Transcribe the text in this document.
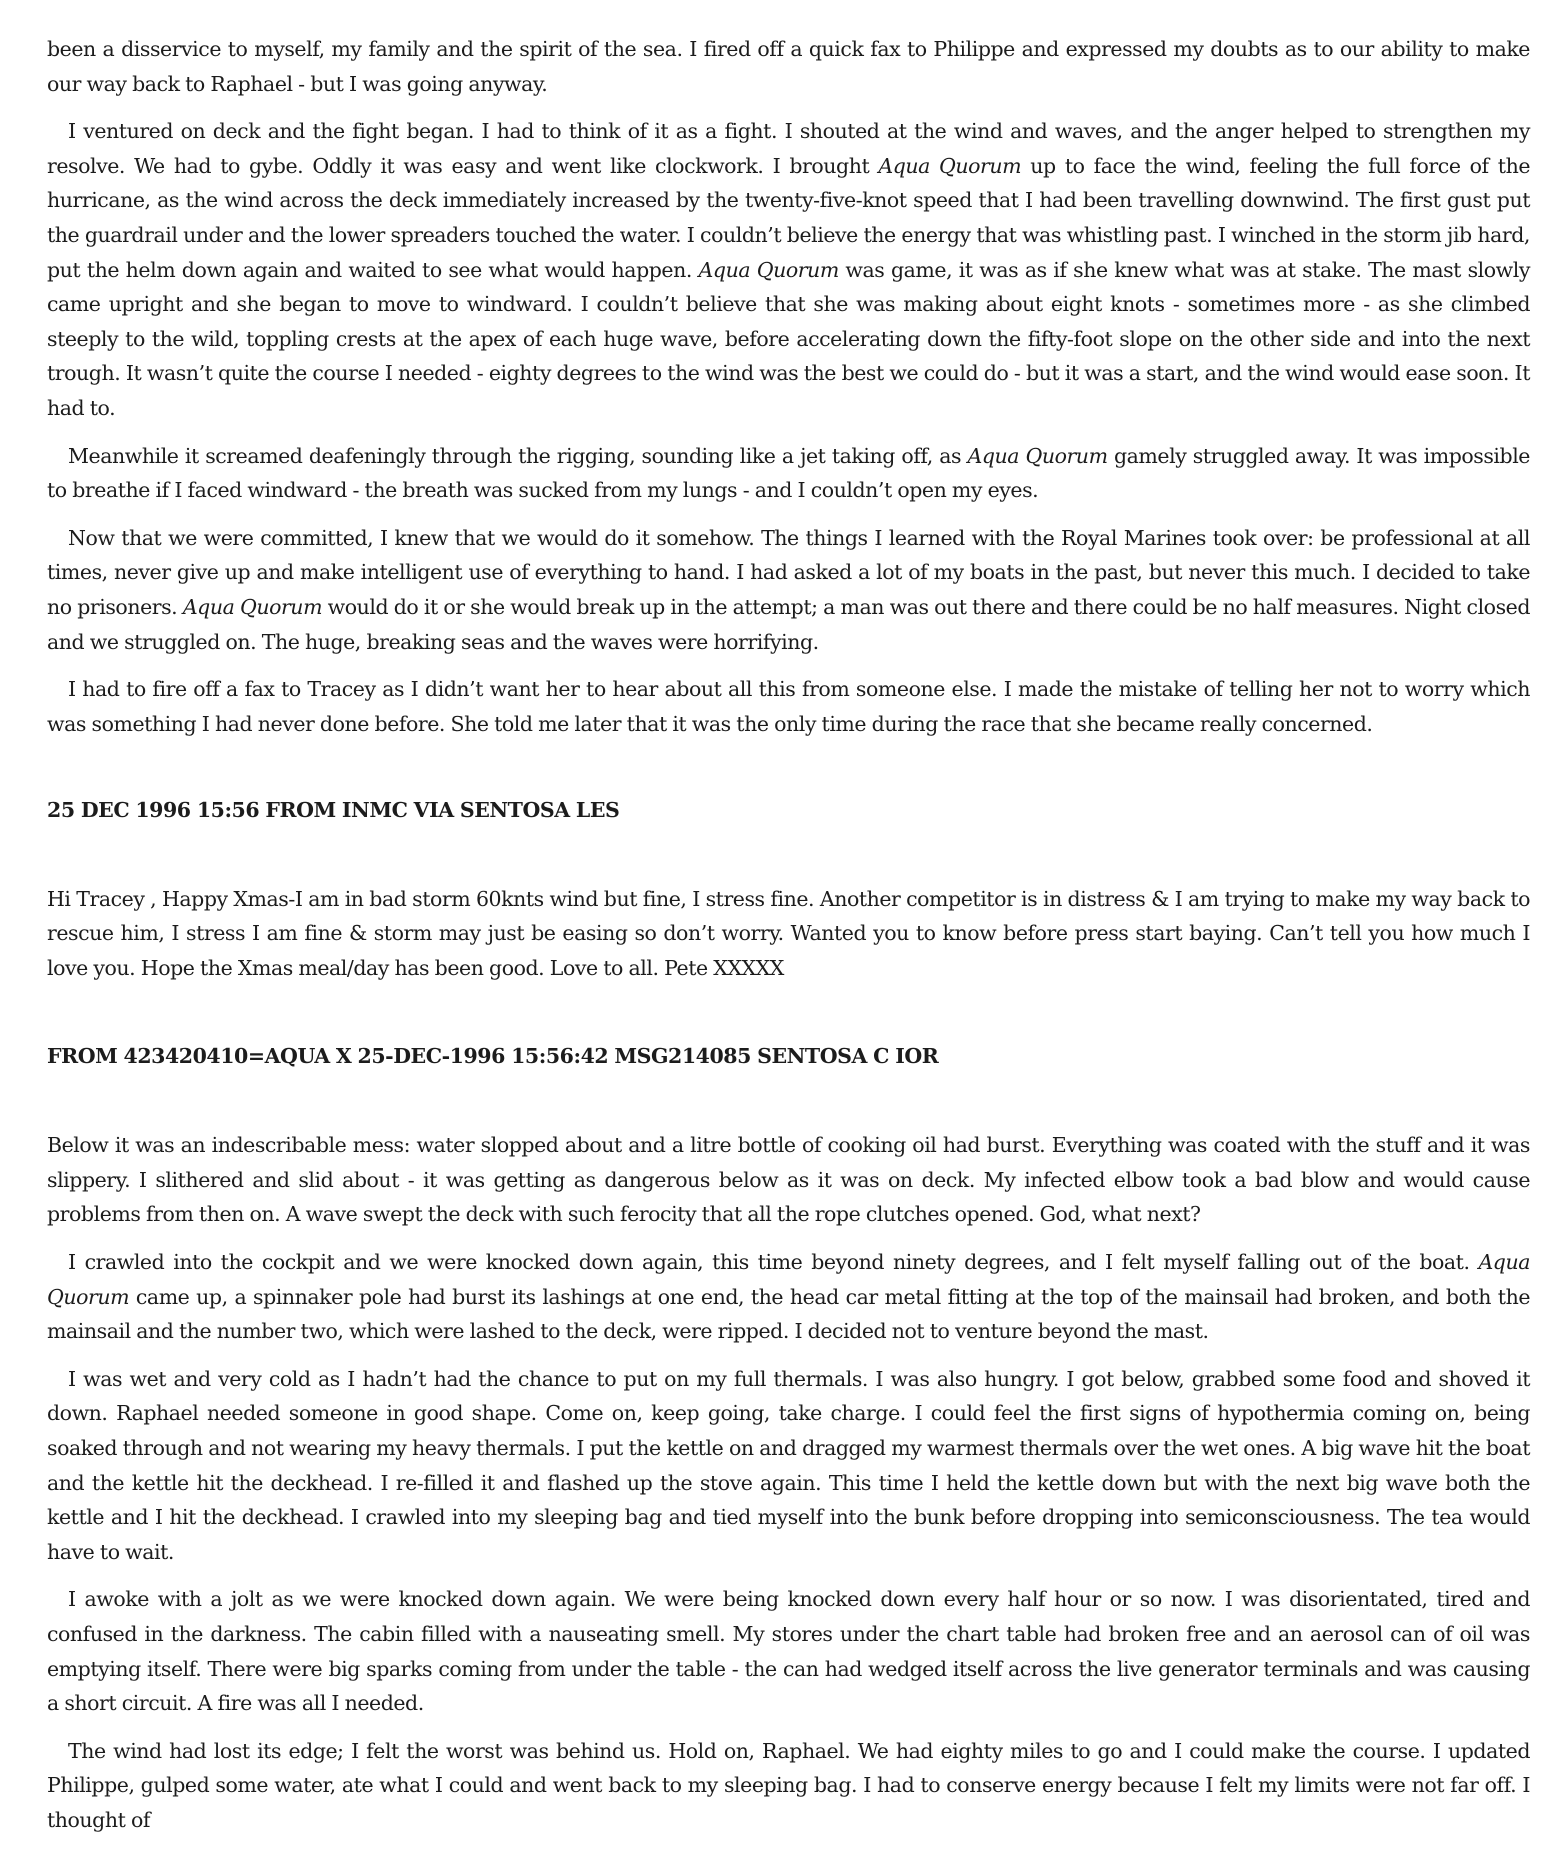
been a disservice to myself, my family and the spirit of the sea. I fired off a quick fax to Philippe and expressed my doubts as to our ability to make our way back to Raphael - but I was going anyway.

I ventured on deck and the fight began. I had to think of it as a fight. I shouted at the wind and waves, and the anger helped to strengthen my resolve. We had to gybe. Oddly it was easy and went like clockwork. I brought Aqua Quorum up to face the wind, feeling the full force of the hurricane, as the wind across the deck immediately increased by the twenty-five-knot speed that I had been travelling downwind. The first gust put the guardrail under and the lower spreaders touched the water. I couldn’t believe the energy that was whistling past. I winched in the storm jib hard, put the helm down again and waited to see what would happen. Aqua Quorum was game, it was as if she knew what was at stake. The mast slowly came upright and she began to move to windward. I couldn’t believe that she was making about eight knots - sometimes more - as she climbed steeply to the wild, toppling crests at the apex of each huge wave, before accelerating down the fifty-foot slope on the other side and into the next trough. It wasn’t quite the course I needed - eighty degrees to the wind was the best we could do - but it was a start, and the wind would ease soon. It had to.

Meanwhile it screamed deafeningly through the rigging, sounding like a jet taking off, as Aqua Quorum gamely struggled away. It was impossible to breathe if I faced windward - the breath was sucked from my lungs - and I couldn’t open my eyes.

Now that we were committed, I knew that we would do it somehow. The things I learned with the Royal Marines took over: be professional at all times, never give up and make intelligent use of everything to hand. I had asked a lot of my boats in the past, but never this much. I decided to take no prisoners. Aqua Quorum would do it or she would break up in the attempt; a man was out there and there could be no half measures. Night closed and we struggled on. The huge, breaking seas and the waves were horrifying.

I had to fire off a fax to Tracey as I didn’t want her to hear about all this from someone else. I made the mistake of telling her not to worry which was something I had never done before. She told me later that it was the only time during the race that she became really concerned.

25 DEC 1996 15:56 FROM INMC VIA SENTOSA LES

Hi Tracey , Happy Xmas-I am in bad storm 60knts wind but fine, I stress fine. Another competitor is in distress & I am trying to make my way back to rescue him, I stress I am fine & storm may just be easing so don’t worry. Wanted you to know before press start baying. Can’t tell you how much I love you. Hope the Xmas meal/day has been good. Love to all. Pete XXXXX

FROM 423420410=AQUA X 25-DEC-1996 15:56:42 MSG214085 SENTOSA C IOR

Below it was an indescribable mess: water slopped about and a litre bottle of cooking oil had burst. Everything was coated with the stuff and it was slippery. I slithered and slid about - it was getting as dangerous below as it was on deck. My infected elbow took a bad blow and would cause problems from then on. A wave swept the deck with such ferocity that all the rope clutches opened. God, what next?

I crawled into the cockpit and we were knocked down again, this time beyond ninety degrees, and I felt myself falling out of the boat. Aqua Quorum came up, a spinnaker pole had burst its lashings at one end, the head car metal fitting at the top of the mainsail had broken, and both the mainsail and the number two, which were lashed to the deck, were ripped. I decided not to venture beyond the mast.

I was wet and very cold as I hadn’t had the chance to put on my full thermals. I was also hungry. I got below, grabbed some food and shoved it down. Raphael needed someone in good shape. Come on, keep going, take charge. I could feel the first signs of hypothermia coming on, being soaked through and not wearing my heavy thermals. I put the kettle on and dragged my warmest thermals over the wet ones. A big wave hit the boat and the kettle hit the deckhead. I re-filled it and flashed up the stove again. This time I held the kettle down but with the next big wave both the kettle and I hit the deckhead. I crawled into my sleeping bag and tied myself into the bunk before dropping into semiconsciousness. The tea would have to wait.

I awoke with a jolt as we were knocked down again. We were being knocked down every half hour or so now. I was disorientated, tired and confused in the darkness. The cabin filled with a nauseating smell. My stores under the chart table had broken free and an aerosol can of oil was emptying itself. There were big sparks coming from under the table - the can had wedged itself across the live generator terminals and was causing a short circuit. A fire was all I needed.

The wind had lost its edge; I felt the worst was behind us. Hold on, Raphael. We had eighty miles to go and I could make the course. I updated Philippe, gulped some water, ate what I could and went back to my sleeping bag. I had to conserve energy because I felt my limits were not far off. I thought of
